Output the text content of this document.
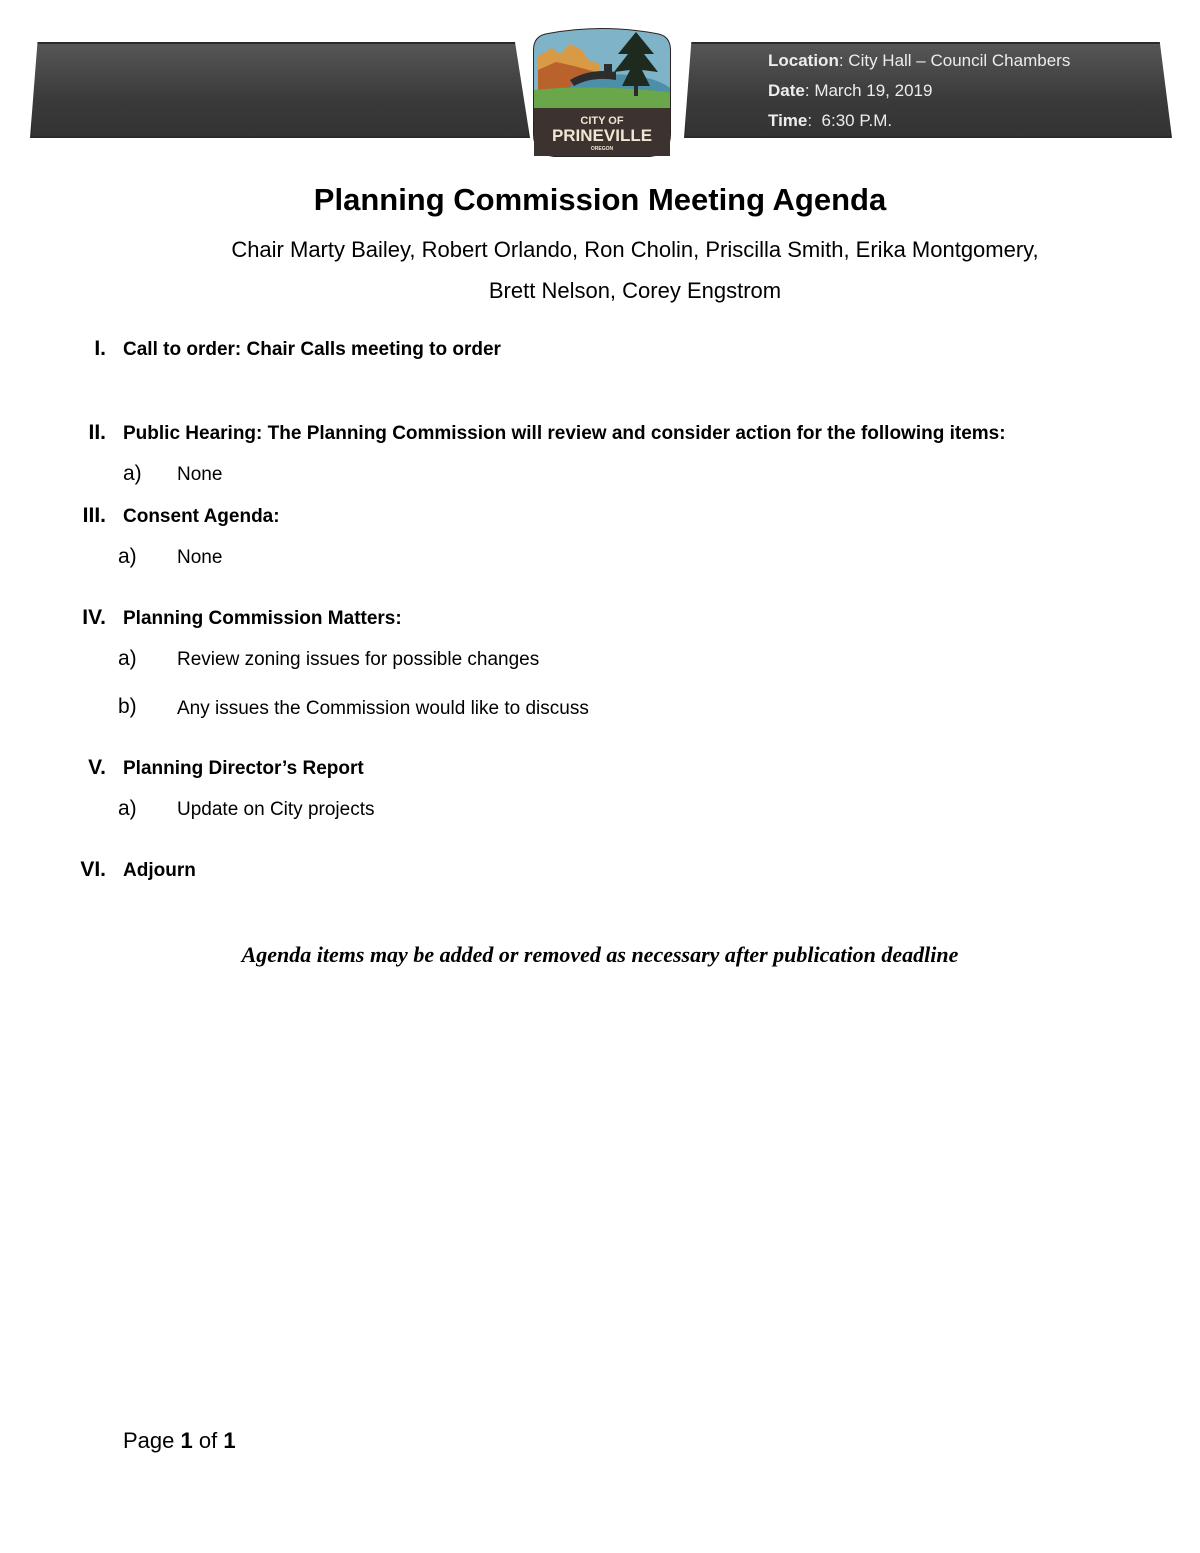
Location: City Hall – Council Chambers
Date: March 19, 2019
Time:  6:30 P.M.
CITY OF
PRINEVILLE
OREGON
Planning Commission Meeting Agenda
Chair Marty Bailey, Robert Orlando, Ron Cholin, Priscilla Smith, Erika Montgomery,
Brett Nelson, Corey Engstrom
I. Call to order: Chair Calls meeting to order
II. Public Hearing: The Planning Commission will review and consider action for the following items:
a) None
III. Consent Agenda:
a) None
IV. Planning Commission Matters:
a) Review zoning issues for possible changes
b) Any issues the Commission would like to discuss
V. Planning Director’s Report
a) Update on City projects
VI. Adjourn
Agenda items may be added or removed as necessary after publication deadline
Page 1 of 1
